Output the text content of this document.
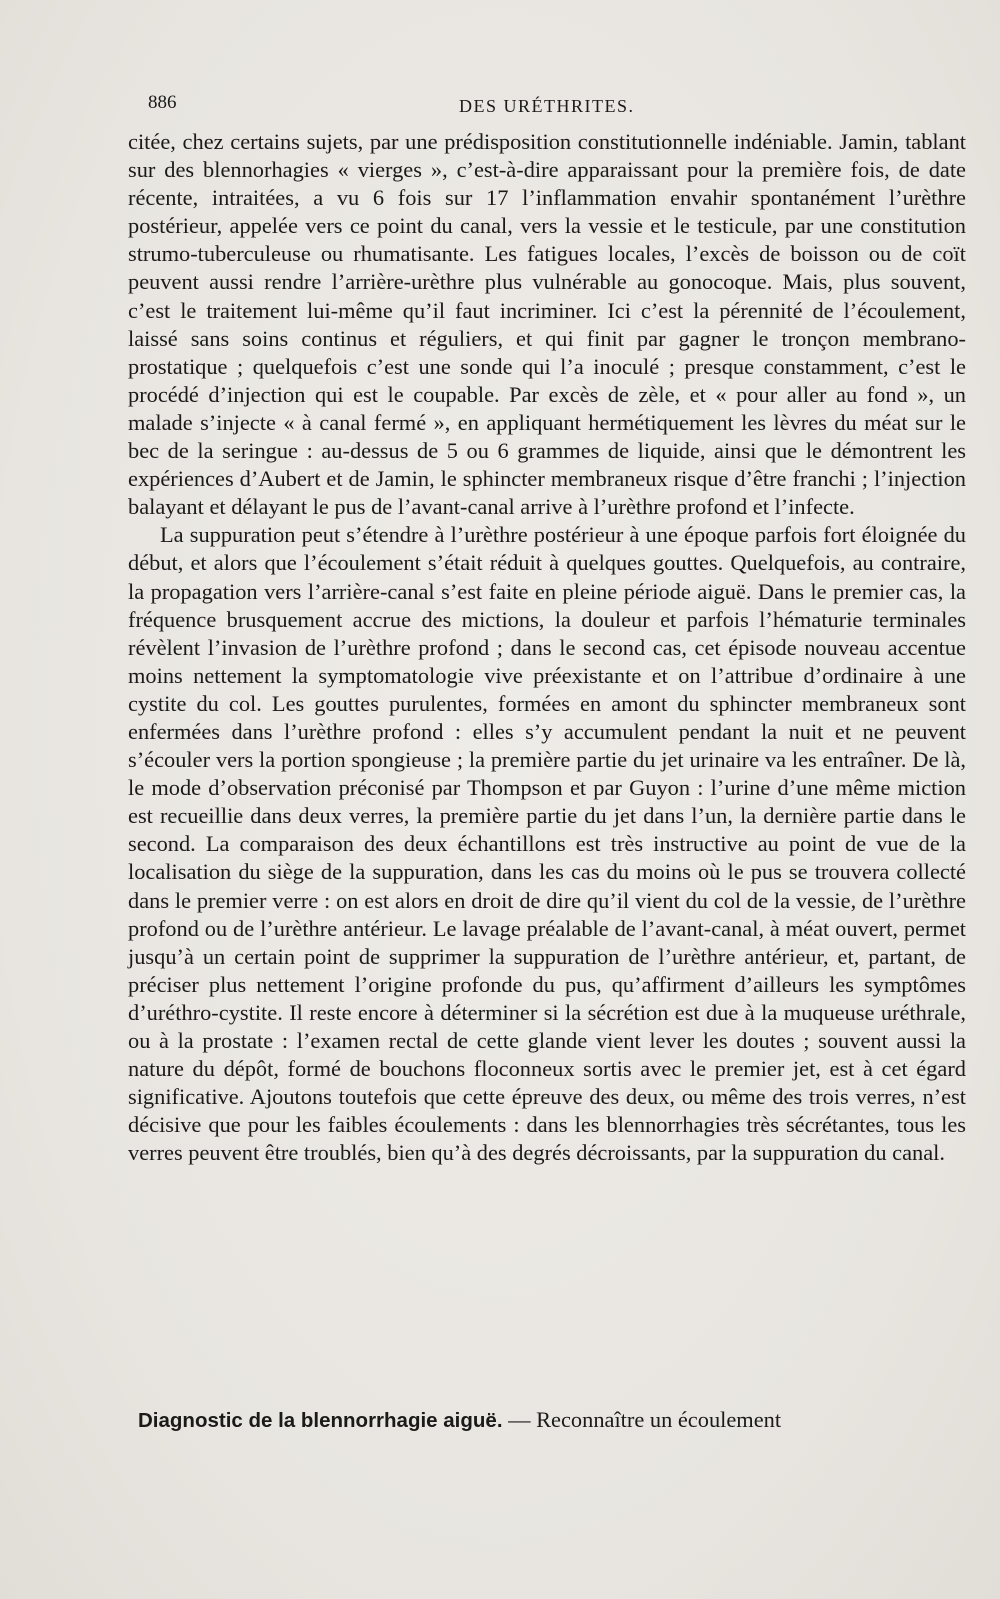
886	DES URÉTHRITES.

citée, chez certains sujets, par une prédisposition constitutionnelle indéniable. Jamin, tablant sur des blennorhagies « vierges », c’est-à-dire apparaissant pour la première fois, de date récente, intraitées, a vu 6 fois sur 17 l’inflammation envahir spontanément l’urèthre postérieur, appelée vers ce point du canal, vers la vessie et le testicule, par une constitution strumo-tuberculeuse ou rhumatisante. Les fatigues locales, l’excès de boisson ou de coït peuvent aussi rendre l’arrière-urèthre plus vulnérable au gonocoque. Mais, plus souvent, c’est le traitement lui-même qu’il faut incriminer. Ici c’est la pérennité de l’écoulement, laissé sans soins continus et réguliers, et qui finit par gagner le tronçon membrano-prostatique ; quelquefois c’est une sonde qui l’a inoculé ; presque constamment, c’est le procédé d’injection qui est le coupable. Par excès de zèle, et « pour aller au fond », un malade s’injecte « à canal fermé », en appliquant hermétiquement les lèvres du méat sur le bec de la seringue : au-dessus de 5 ou 6 grammes de liquide, ainsi que le démontrent les expériences d’Aubert et de Jamin, le sphincter membraneux risque d’être franchi ; l’injection balayant et délayant le pus de l’avant-canal arrive à l’urèthre profond et l’infecte.

La suppuration peut s’étendre à l’urèthre postérieur à une époque parfois fort éloignée du début, et alors que l’écoulement s’était réduit à quelques gouttes. Quelquefois, au contraire, la propagation vers l’arrière-canal s’est faite en pleine période aiguë. Dans le premier cas, la fréquence brusquement accrue des mictions, la douleur et parfois l’hématurie terminales révèlent l’invasion de l’urèthre profond ; dans le second cas, cet épisode nouveau accentue moins nettement la symptomatologie vive préexistante et on l’attribue d’ordinaire à une cystite du col. Les gouttes purulentes, formées en amont du sphincter membraneux sont enfermées dans l’urèthre profond : elles s’y accumulent pendant la nuit et ne peuvent s’écouler vers la portion spongieuse ; la première partie du jet urinaire va les entraîner. De là, le mode d’observation préconisé par Thompson et par Guyon : l’urine d’une même miction est recueillie dans deux verres, la première partie du jet dans l’un, la dernière partie dans le second. La comparaison des deux échantillons est très instructive au point de vue de la localisation du siège de la suppuration, dans les cas du moins où le pus se trouvera collecté dans le premier verre : on est alors en droit de dire qu’il vient du col de la vessie, de l’urèthre profond ou de l’urèthre antérieur. Le lavage préalable de l’avant-canal, à méat ouvert, permet jusqu’à un certain point de supprimer la suppuration de l’urèthre antérieur, et, partant, de préciser plus nettement l’origine profonde du pus, qu’affirment d’ailleurs les symptômes d’uréthro-cystite. Il reste encore à déterminer si la sécrétion est due à la muqueuse uréthrale, ou à la prostate : l’examen rectal de cette glande vient lever les doutes ; souvent aussi la nature du dépôt, formé de bouchons floconneux sortis avec le premier jet, est à cet égard significative. Ajoutons toutefois que cette épreuve des deux, ou même des trois verres, n’est décisive que pour les faibles écoulements : dans les blennorrhagies très sécrétantes, tous les verres peuvent être troublés, bien qu’à des degrés décroissants, par la suppuration du canal.

Diagnostic de la blennorrhagie aiguë. — Reconnaître un écoulement
